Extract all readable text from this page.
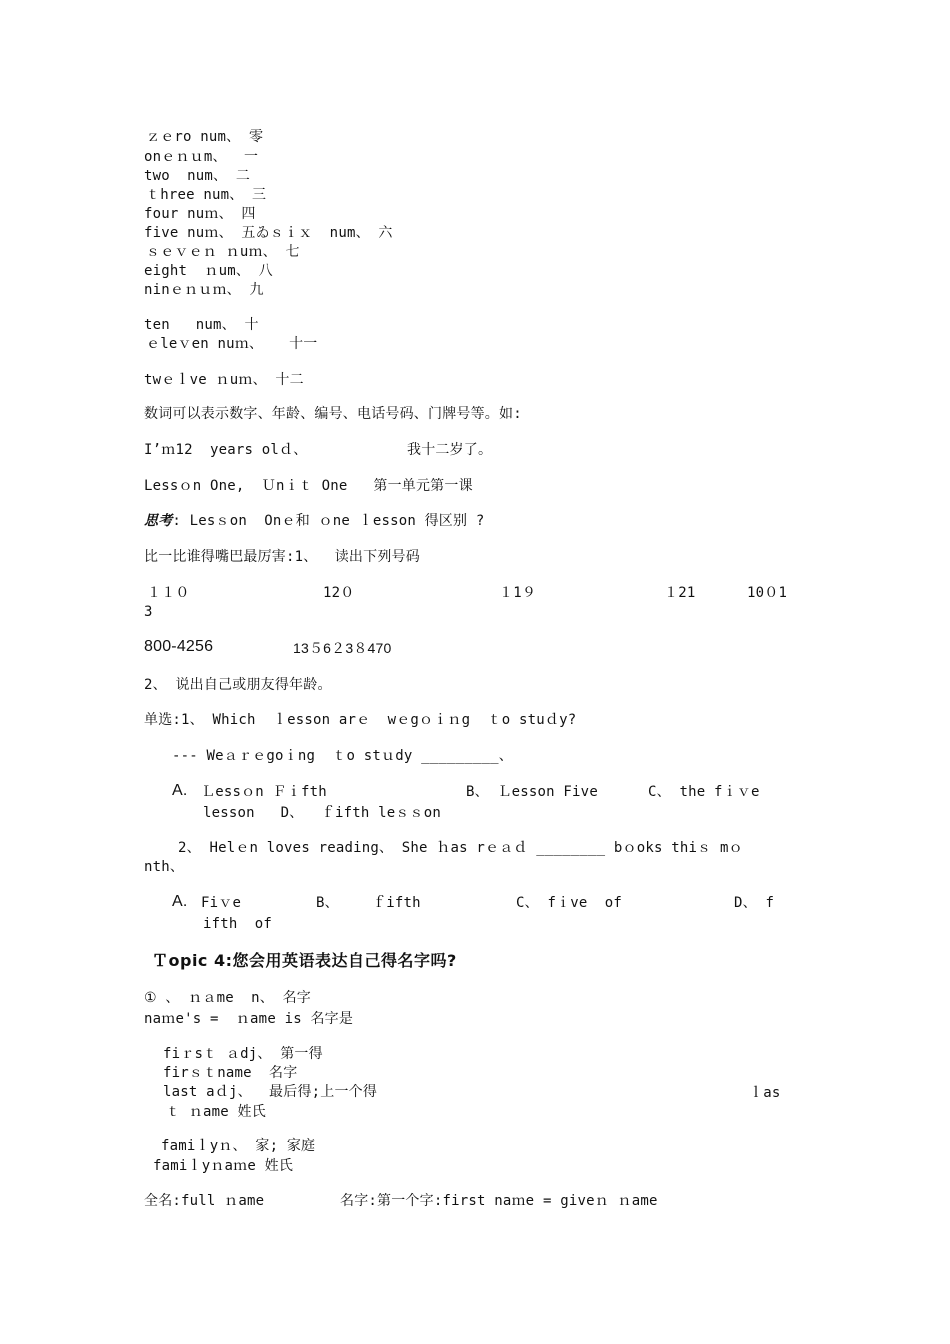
ｚｅro num、 零
onｅｎｕm、  一
two  num、 二
ｔhree num、 三
four nuｍ、 四
five nuｍ、 五ゐｓｉｘ  num、 六
ｓｅｖｅｎ ｎuｍ、 七
eight  ｎum、 八
ninｅｎｕｍ、 九
ten   num、 十
ｅleｖen nuｍ、   十一
twｅｌve ｎuｍ、 十二
数词可以表示数字、年龄、编号、电话号码、门牌号等。如:
I’ｍ12  years olｄ、	我十二岁了。
Lessｏn One,  Ｕnｉｔ One   第一单元第一课
思考: Lesｓon  Onｅ和 ｏne ｌesson 得区别 ?
比一比谁得嘴巴最厉害:1、  读出下列号码
１１０	12０	１1９	１21	10０1
3
800-4256	13５6２3８470
2、 说出自己或朋友得年龄。
单选:1、 Which  ｌesson arｅ  wｅgｏｉｎg  ｔo stuｄy?
--- Weａｒｅgoｉng  ｔo stｕdy _________、
A. Ｌessｏn Ｆｉfth	B、 Ｌesson Five	C、 the fｉｖe
lesson   D、  ｆifth leｓｓon
2、 Helｅn loves reading、 She ｈas rｅａｄ ________ bｏoks thiｓ mｏ
nth、
A. Fiｖe	B、 ｆifth	C、 fｉve  of	D、 f
ifth  of
Ｔopic 4:您会用英语表达自己得名字吗?
① 、 ｎａme  n、 名字
naｍe's =  ｎame is 名字是
fiｒsｔ ａdj、 第一得
firｓｔname  名字
last aｄj、  最后得;上一个得	ｌas
ｔ ｎame 姓氏
famiｌyｎ、 家; 家庭
famiｌyｎaｍe 姓氏
全名:full ｎame	名字:第一个字:first naｍe = giveｎ ｎame
